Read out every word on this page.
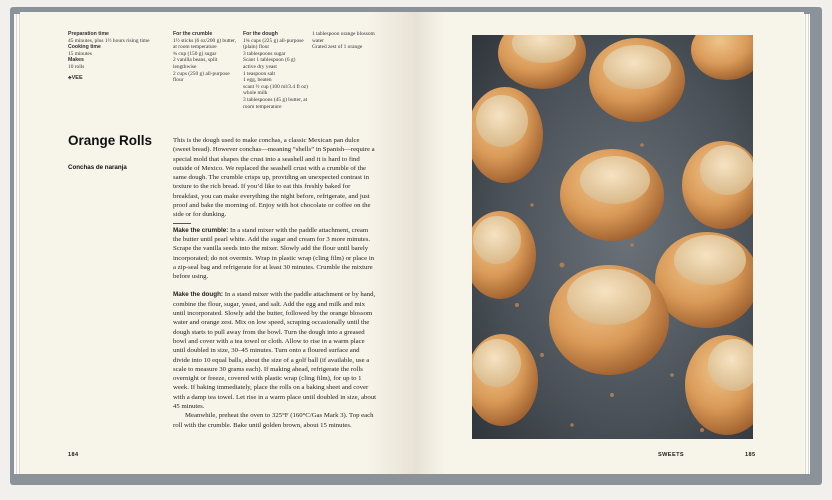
Preparation time
45 minutes, plus 1½ hours rising time
Cooking time
15 minutes
Makes
10 rolls
♣VEE
For the crumble
1½ sticks (6 oz/200 g) butter, at room temperature
¾ cup (150 g) sugar
2 vanilla beans, split lengthwise
2 cups (250 g) all-purpose flour
For the dough
1¾ cups (225 g) all-purpose (plain) flour
3 tablespoons sugar
Scant 1 tablespoon (6 g) active dry yeast
1 teaspoon salt
1 egg, beaten
scant ½ cup (100 ml/3.4 fl oz) whole milk
3 tablespoons (45 g) butter, at room temperature
1 tablespoon orange blossom water
Grated zest of 1 orange
Orange Rolls
Conchas de naranja

This is the dough used to make conchas, a classic Mexican pan dulce (sweet bread). However conchas—meaning “shells” in Spanish—require a special mold that shapes the crust into a seashell and it is hard to find outside of Mexico. We replaced the seashell crust with a crumble of the same dough. The crumble crisps up, providing an unexpected contrast in texture to the rich bread. If you’d like to eat this freshly baked for breakfast, you can make everything the night before, refrigerate, and just proof and bake the morning of. Enjoy with hot chocolate or coffee on the side or for dunking.

Make the crumble: In a stand mixer with the paddle attachment, cream the butter until pearl white. Add the sugar and cream for 3 more minutes. Scrape the vanilla seeds into the mixer. Slowly add the flour until barely incorporated; do not overmix. Wrap in plastic wrap (cling film) or place in a zip-seal bag and refrigerate for at least 30 minutes. Crumble the mixture before using.

Make the dough: In a stand mixer with the paddle attachment or by hand, combine the flour, sugar, yeast, and salt. Add the egg and milk and mix until incorporated. Slowly add the butter, followed by the orange blossom water and orange zest. Mix on low speed, scraping occasionally until the dough starts to pull away from the bowl. Turn the dough into a greased bowl and cover with a tea towel or cloth. Allow to rise in a warm place until doubled in size, 30–45 minutes. Turn onto a floured surface and divide into 10 equal balls, about the size of a golf ball (if available, use a scale to measure 30 grams each). If making ahead, refrigerate the rolls overnight or freeze, covered with plastic wrap (cling film), for up to 1 week. If baking immediately, place the rolls on a baking sheet and cover with a damp tea towel. Let rise in a warm place until doubled in size, about 45 minutes.

Meanwhile, preheat the oven to 325°F (160°C/Gas Mark 3). Top each roll with the crumble. Bake until golden brown, about 15 minutes.

184	SWEETS	185
